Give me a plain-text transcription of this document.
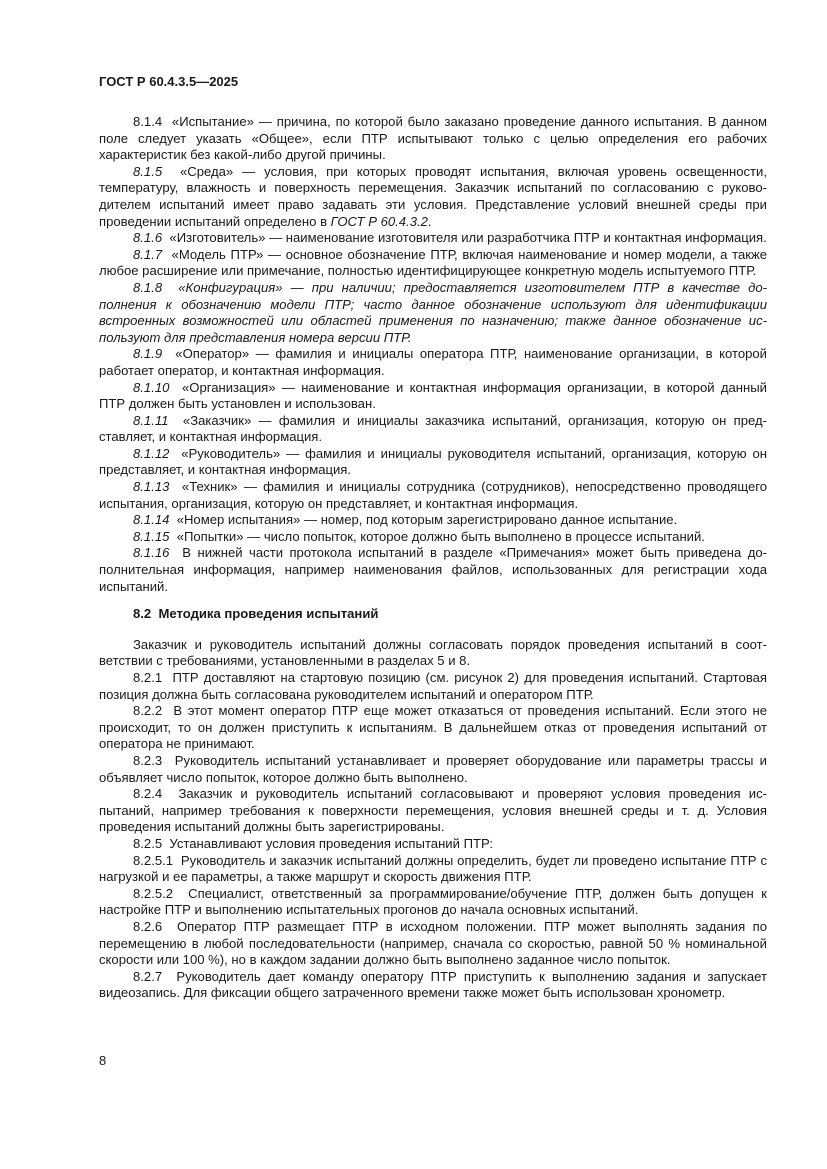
ГОСТ Р 60.4.3.5—2025

8.1.4 «Испытание» — причина, по которой было заказано проведение данного испытания. В данном поле следует указать «Общее», если ПТР испытывают только с целью определения его рабочих характеристик без какой-либо другой причины.

8.1.5 «Среда» — условия, при которых проводят испытания, включая уровень освещенности, температуру, влажность и поверхность перемещения. Заказчик испытаний по согласованию с руководителем испытаний имеет право задавать эти условия. Представление условий внешней среды при проведении испытаний определено в ГОСТ Р 60.4.3.2.

8.1.6 «Изготовитель» — наименование изготовителя или разработчика ПТР и контактная информация.

8.1.7 «Модель ПТР» — основное обозначение ПТР, включая наименование и номер модели, а также любое расширение или примечание, полностью идентифицирующее конкретную модель испытуемого ПТР.

8.1.8 «Конфигурация» — при наличии; предоставляется изготовителем ПТР в качестве дополнения к обозначению модели ПТР; часто данное обозначение используют для идентификации встроенных возможностей или областей применения по назначению; также данное обозначение используют для представления номера версии ПТР.

8.1.9 «Оператор» — фамилия и инициалы оператора ПТР, наименование организации, в которой работает оператор, и контактная информация.

8.1.10 «Организация» — наименование и контактная информация организации, в которой данный ПТР должен быть установлен и использован.

8.1.11 «Заказчик» — фамилия и инициалы заказчика испытаний, организация, которую он представляет, и контактная информация.

8.1.12 «Руководитель» — фамилия и инициалы руководителя испытаний, организация, которую он представляет, и контактная информация.

8.1.13 «Техник» — фамилия и инициалы сотрудника (сотрудников), непосредственно проводящего испытания, организация, которую он представляет, и контактная информация.

8.1.14 «Номер испытания» — номер, под которым зарегистрировано данное испытание.

8.1.15 «Попытки» — число попыток, которое должно быть выполнено в процессе испытаний.

8.1.16 В нижней части протокола испытаний в разделе «Примечания» может быть приведена дополнительная информация, например наименования файлов, использованных для регистрации хода испытаний.

8.2 Методика проведения испытаний

Заказчик и руководитель испытаний должны согласовать порядок проведения испытаний в соответствии с требованиями, установленными в разделах 5 и 8.

8.2.1 ПТР доставляют на стартовую позицию (см. рисунок 2) для проведения испытаний. Стартовая позиция должна быть согласована руководителем испытаний и оператором ПТР.

8.2.2 В этот момент оператор ПТР еще может отказаться от проведения испытаний. Если этого не происходит, то он должен приступить к испытаниям. В дальнейшем отказ от проведения испытаний от оператора не принимают.

8.2.3 Руководитель испытаний устанавливает и проверяет оборудование или параметры трассы и объявляет число попыток, которое должно быть выполнено.

8.2.4 Заказчик и руководитель испытаний согласовывают и проверяют условия проведения испытаний, например требования к поверхности перемещения, условия внешней среды и т. д. Условия проведения испытаний должны быть зарегистрированы.

8.2.5 Устанавливают условия проведения испытаний ПТР:

8.2.5.1 Руководитель и заказчик испытаний должны определить, будет ли проведено испытание ПТР с нагрузкой и ее параметры, а также маршрут и скорость движения ПТР.

8.2.5.2 Специалист, ответственный за программирование/обучение ПТР, должен быть допущен к настройке ПТР и выполнению испытательных прогонов до начала основных испытаний.

8.2.6 Оператор ПТР размещает ПТР в исходном положении. ПТР может выполнять задания по перемещению в любой последовательности (например, сначала со скоростью, равной 50 % номинальной скорости или 100 %), но в каждом задании должно быть выполнено заданное число попыток.

8.2.7 Руководитель дает команду оператору ПТР приступить к выполнению задания и запускает видеозапись. Для фиксации общего затраченного времени также может быть использован хронометр.

8
